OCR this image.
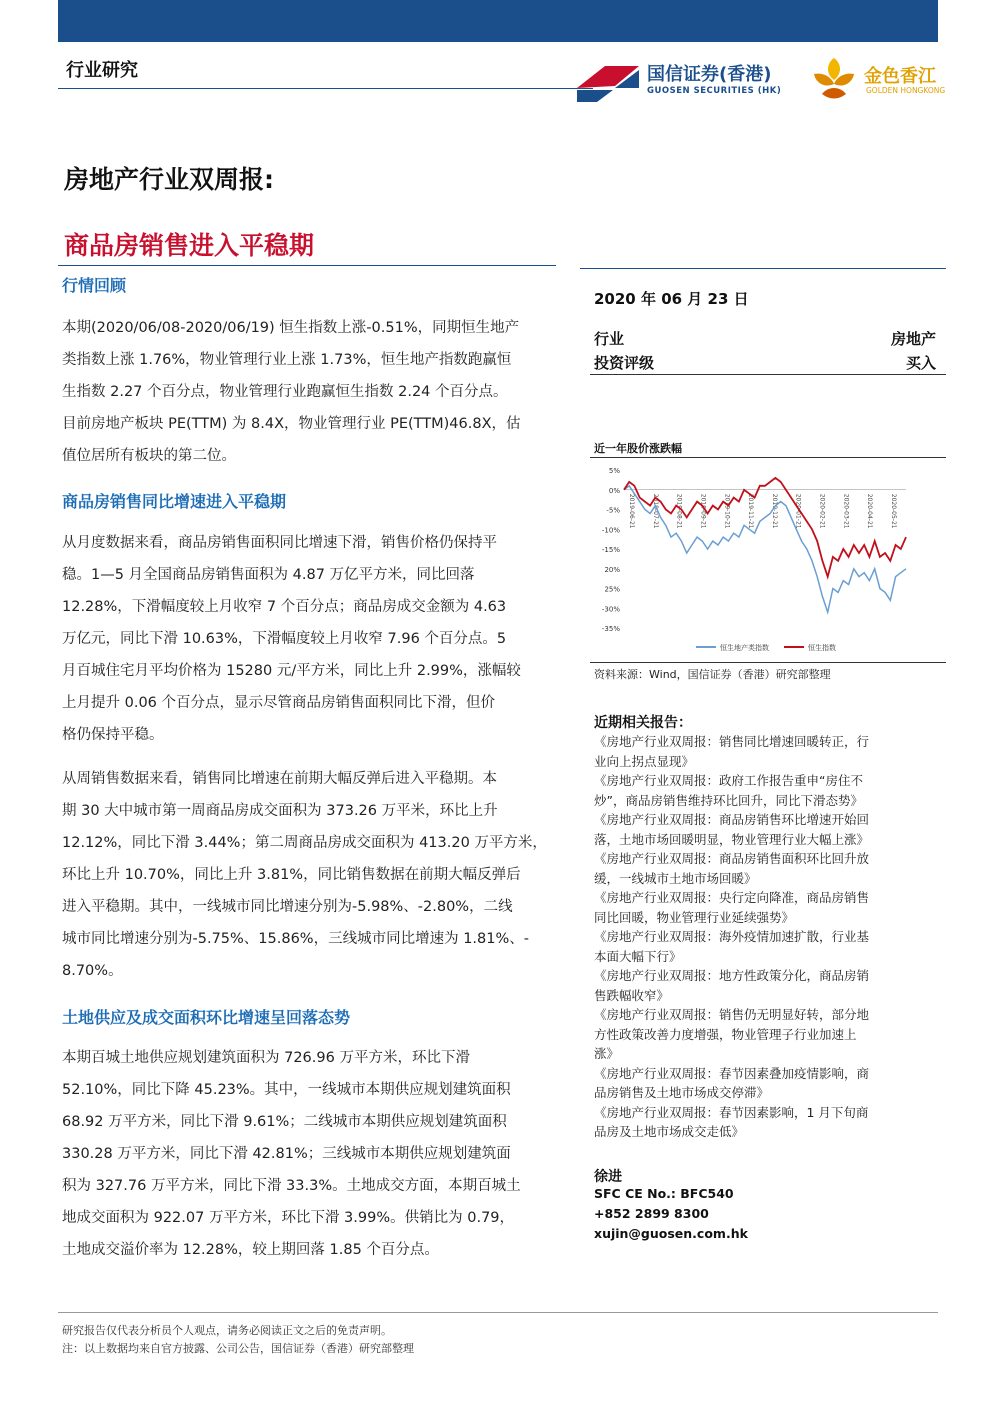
行业研究	国信证券(香港)
GUOSEN SECURITIES (HK)
金色香江
GOLDEN HONGKONG
房地产行业双周报:
商品房销售进入平稳期
行情回顾
本期(2020/06/08-2020/06/19) 恒生指数上涨-0.51%，同期恒生地产
类指数上涨 1.76%，物业管理行业上涨 1.73%，恒生地产指数跑赢恒
生指数 2.27 个百分点，物业管理行业跑赢恒生指数 2.24 个百分点。
目前房地产板块 PE(TTM) 为 8.4X，物业管理行业 PE(TTM)46.8X，估
值位居所有板块的第二位。
商品房销售同比增速进入平稳期
从月度数据来看，商品房销售面积同比增速下滑，销售价格仍保持平
稳。1—5 月全国商品房销售面积为 4.87 万亿平方米，同比回落
12.28%，下滑幅度较上月收窄 7 个百分点；商品房成交金额为 4.63
万亿元，同比下滑 10.63%，下滑幅度较上月收窄 7.96 个百分点。5
月百城住宅月平均价格为 15280 元/平方米，同比上升 2.99%，涨幅较
上月提升 0.06 个百分点，显示尽管商品房销售面积同比下滑，但价
格仍保持平稳。
从周销售数据来看，销售同比增速在前期大幅反弹后进入平稳期。本
期 30 大中城市第一周商品房成交面积为 373.26 万平米，环比上升
12.12%，同比下滑 3.44%；第二周商品房成交面积为 413.20 万平方米，
环比上升 10.70%，同比上升 3.81%，同比销售数据在前期大幅反弹后
进入平稳期。其中，一线城市同比增速分别为-5.98%、-2.80%，二线
城市同比增速分别为-5.75%、15.86%，三线城市同比增速为 1.81%、-
8.70%。
土地供应及成交面积环比增速呈回落态势
本期百城土地供应规划建筑面积为 726.96 万平方米，环比下滑
52.10%，同比下降 45.23%。其中，一线城市本期供应规划建筑面积
68.92 万平方米，同比下滑 9.61%；二线城市本期供应规划建筑面积
330.28 万平方米，同比下滑 42.81%；三线城市本期供应规划建筑面
积为 327.76 万平方米，同比下滑 33.3%。土地成交方面，本期百城土
地成交面积为 922.07 万平方米，环比下滑 3.99%。供销比为 0.79，
土地成交溢价率为 12.28%，较上期回落 1.85 个百分点。
2020 年 06 月 23 日
行业	房地产
投资评级	买入
近一年股价涨跌幅
5%
0%
-5%
-10%
-15%
20%
25%
-30%
-35%
2019-06-21	2019-07-21	2019-08-21	2019-09-21	2019-10-21	2019-11-21	2019-12-21	2020-01-21	2020-02-21	2020-03-21	2020-04-21	2020-05-21
恒生地产类指数	恒生指数
资料来源：Wind，国信证券（香港）研究部整理
近期相关报告：
《房地产行业双周报：销售同比增速回暖转正，行
业向上拐点显现》
《房地产行业双周报：政府工作报告重申“房住不
炒”，商品房销售维持环比回升，同比下滑态势》
《房地产行业双周报：商品房销售环比增速开始回
落，土地市场回暖明显，物业管理行业大幅上涨》
《房地产行业双周报：商品房销售面积环比回升放
缓，一线城市土地市场回暖》
《房地产行业双周报：央行定向降准，商品房销售
同比回暖，物业管理行业延续强势》
《房地产行业双周报：海外疫情加速扩散，行业基
本面大幅下行》
《房地产行业双周报：地方性政策分化，商品房销
售跌幅收窄》
《房地产行业双周报：销售仍无明显好转，部分地
方性政策改善力度增强，物业管理子行业加速上
涨》
《房地产行业双周报：春节因素叠加疫情影响，商
品房销售及土地市场成交停滞》
《房地产行业双周报：春节因素影响，1 月下旬商
品房及土地市场成交走低》
徐进
SFC CE No.: BFC540
+852 2899 8300
xujin@guosen.com.hk
研究报告仅代表分析员个人观点，请务必阅读正文之后的免责声明。
注：以上数据均来自官方披露、公司公告，国信证券（香港）研究部整理
